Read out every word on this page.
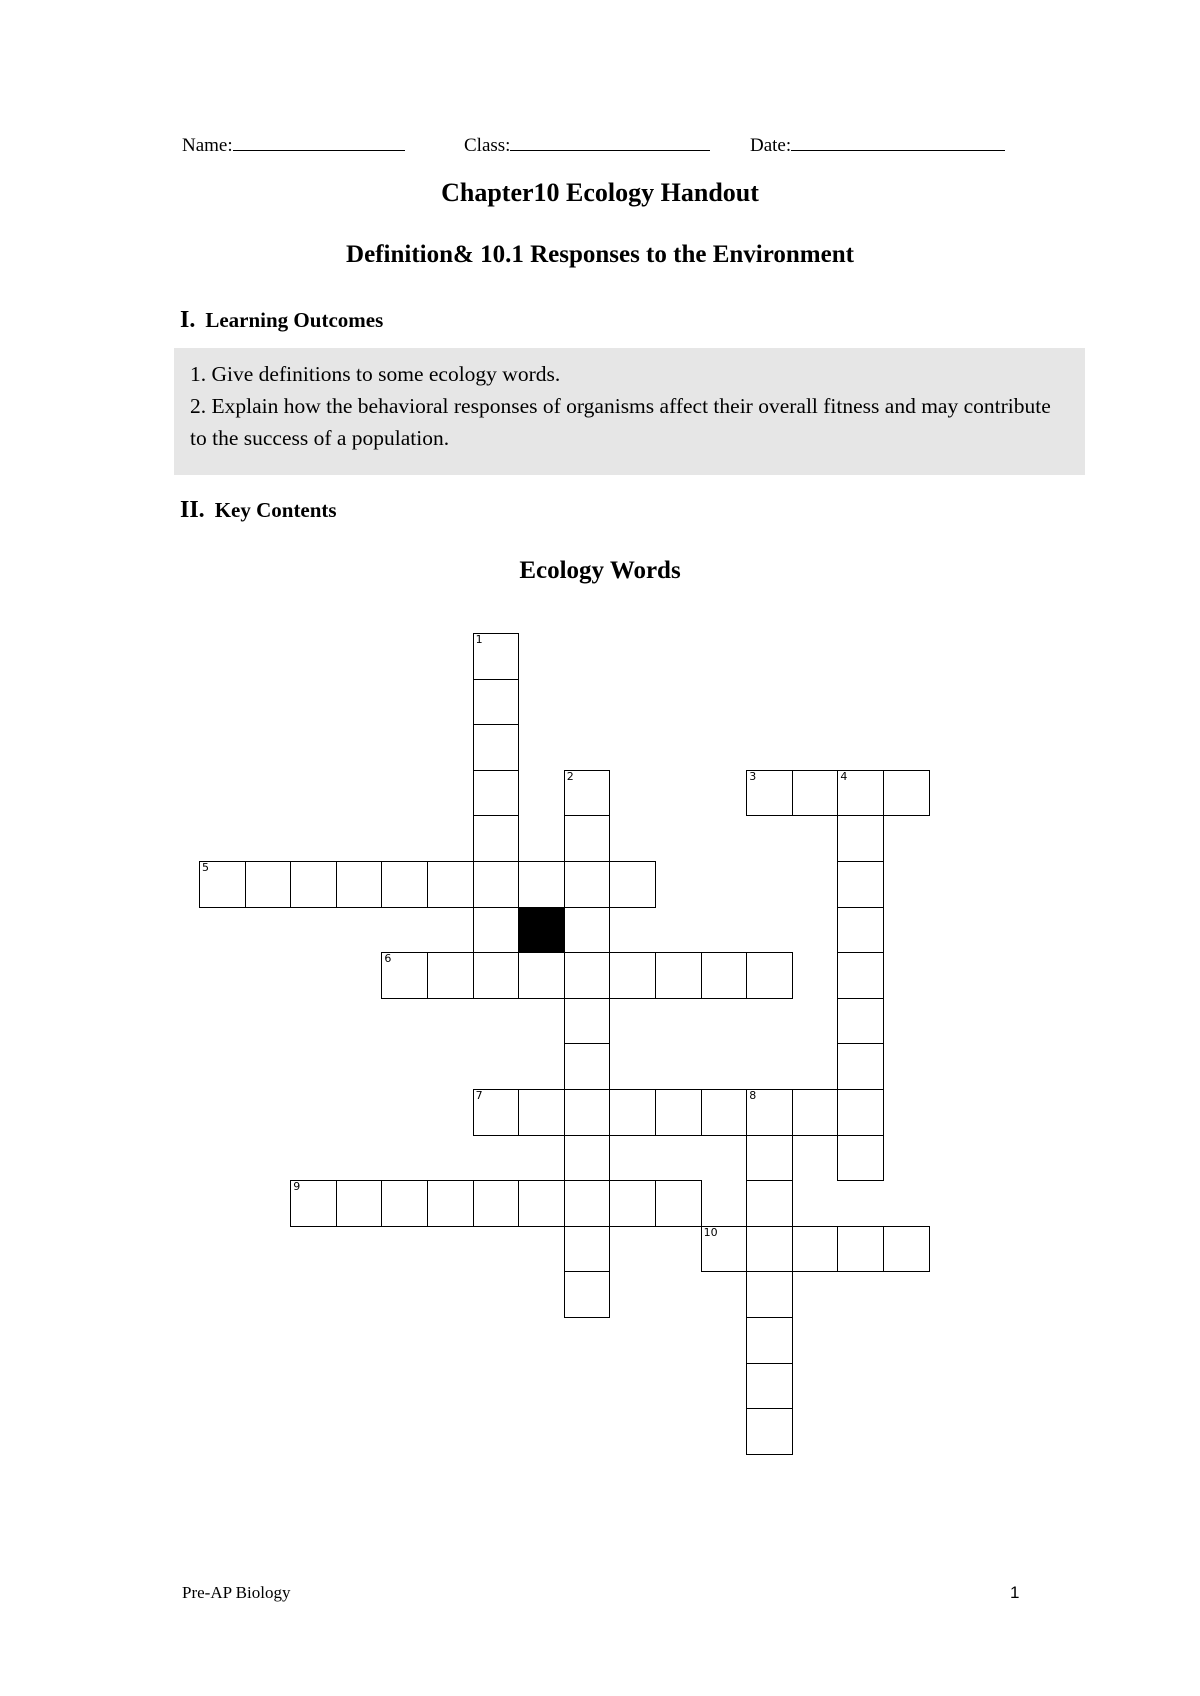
Name:	Class:	Date:
Chapter10 Ecology Handout
Definition& 10.1 Responses to the Environment
I. Learning Outcomes

1. Give definitions to some ecology words.

2. Explain how the behavioral responses of organisms affect their overall fitness and may contribute to the success of a population.

II. Key Contents
Ecology Words
1
2	3	4
5
6
7	8
9
10
Pre-AP Biology	1
